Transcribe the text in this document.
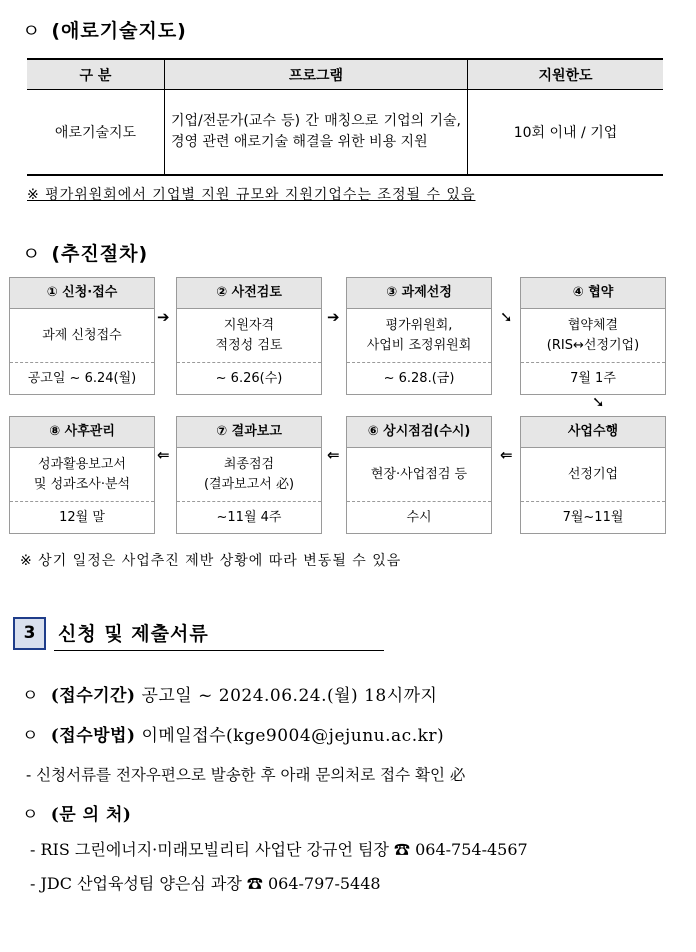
ㅇ (애로기술지도)
구 분	프로그램	지원한도
애로기술지도	기업/전문가(교수 등) 간 매칭으로 기업의 기술, 경영 관련 애로기술 해결을 위한 비용 지원	10회 이내 / 기업
※ 평가위원회에서 기업별 지원 규모와 지원기업수는 조정될 수 있음
ㅇ (추진절차)
① 신청·접수
과제 신청접수
공고일 ~ 6.24(월)
② 사전검토
지원자격
적정성 검토
~ 6.26(수)
③ 과제선정
평가위원회,
사업비 조정위원회
~ 6.28.(금)
④ 협약
협약체결
(RIS↔선정기업)
7월 1주
➔	➔	➘
➘
⑧ 사후관리
성과활용보고서
및 성과조사·분석
12월 말
⑦ 결과보고
최종점검
(결과보고서 必)
~11월 4주
⑥ 상시점검(수시)
현장·사업점검 등
수시
사업수행
선정기업
7월~11월
⇐	⇐	⇐
※ 상기 일정은 사업추진 제반 상황에 따라 변동될 수 있음
3	신청 및 제출서류
ㅇ (접수기간) 공고일 ~ 2024.06.24.(월) 18시까지
ㅇ (접수방법) 이메일접수(kge9004@jejunu.ac.kr)
- 신청서류를 전자우편으로 발송한 후 아래 문의처로 접수 확인 必
ㅇ (문 의 처)
- RIS 그린에너지·미래모빌리티 사업단 강규언 팀장 ☎ 064-754-4567
- JDC 산업육성팀 양은심 과장 ☎ 064-797-5448
